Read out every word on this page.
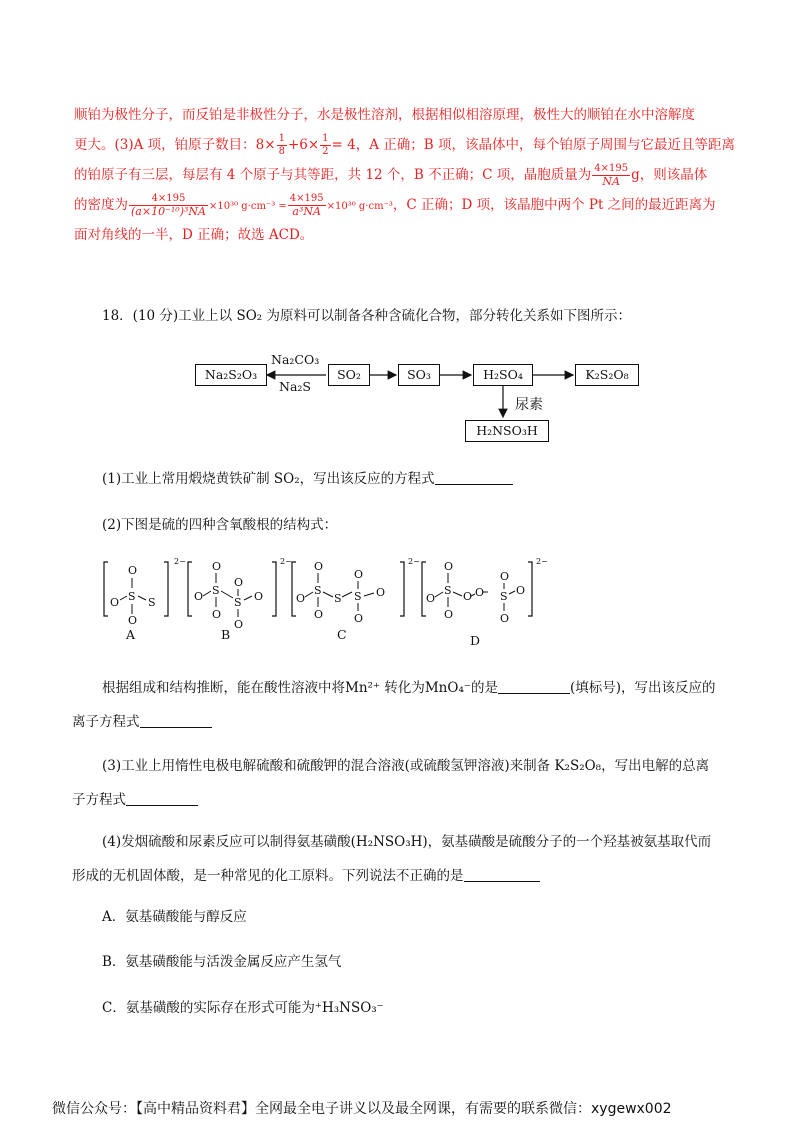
顺铂为极性分子，而反铂是非极性分子，水是极性溶剂，根据相似相溶原理，极性大的顺铂在水中溶解度
更大。(3)A 项，铂原子数目：$8\times \frac{1}{8} +6\times \frac{1}{2} = 4$，A 正确；B 项，该晶体中，每个铂原子周围与它最近且等距离
的铂原子有三层，每层有 4 个原子与其等距，共 12 个，B 不正确；C 项，晶胞质量为 $\frac{4\times 195}{NA}$ g，则该晶体
的密度为 $\frac{4\times 195}{\text{(a×10⁻¹⁰)³NA}} \times 10^{30}$ $g\cdot cm^{-3} = \frac{4\times 195}{\text{a³NA}} \times 10^{30}$ g·cm⁻³，C 正确；D 项，该晶胞中两个 Pt 之间的最近距离为
面对角线的一半，D 正确；故选 ACD。
18．(10 分)工业上以 SO₂ 为原料可以制备各种含硫化合物，部分转化关系如下图所示：
Na₂S₂O₃
Na₂CO₃
Na₂S
SO₂	SO₃	H₂SO₄	K₂S₂O₈
尿素
H₂NSO₃H
(1)工业上常用煅烧黄铁矿制 SO₂，写出该反应的方程式
(2)下图是硫的四种含氧酸根的结构式：
2−
O
S
O
O	S
2−
O
S
O
O
O
S
O
O
2−
O
S
O
O	S
O
S
O
O
2−
O
S
O
O	O O
O
S
O
O
A	B	C	D
根据组成和结构推断，能在酸性溶液中将Mn²⁺ 转化为MnO₄⁻的是	(填标号)，写出该反应的
离子方程式
(3)工业上用惰性电极电解硫酸和硫酸钾的混合溶液(或硫酸氢钾溶液)来制备 K₂S₂O₈，写出电解的总离
子方程式
(4)发烟硫酸和尿素反应可以制得氨基磺酸(H₂NSO₃H)，氨基磺酸是硫酸分子的一个羟基被氨基取代而
形成的无机固体酸，是一种常见的化工原料。下列说法不正确的是
A．氨基磺酸能与醇反应
B．氨基磺酸能与活泼金属反应产生氢气
C．氨基磺酸的实际存在形式可能为⁺H₃NSO₃⁻
微信公众号：【高中精品资料君】全网最全电子讲义以及最全网课，有需要的联系微信：xygewx002
